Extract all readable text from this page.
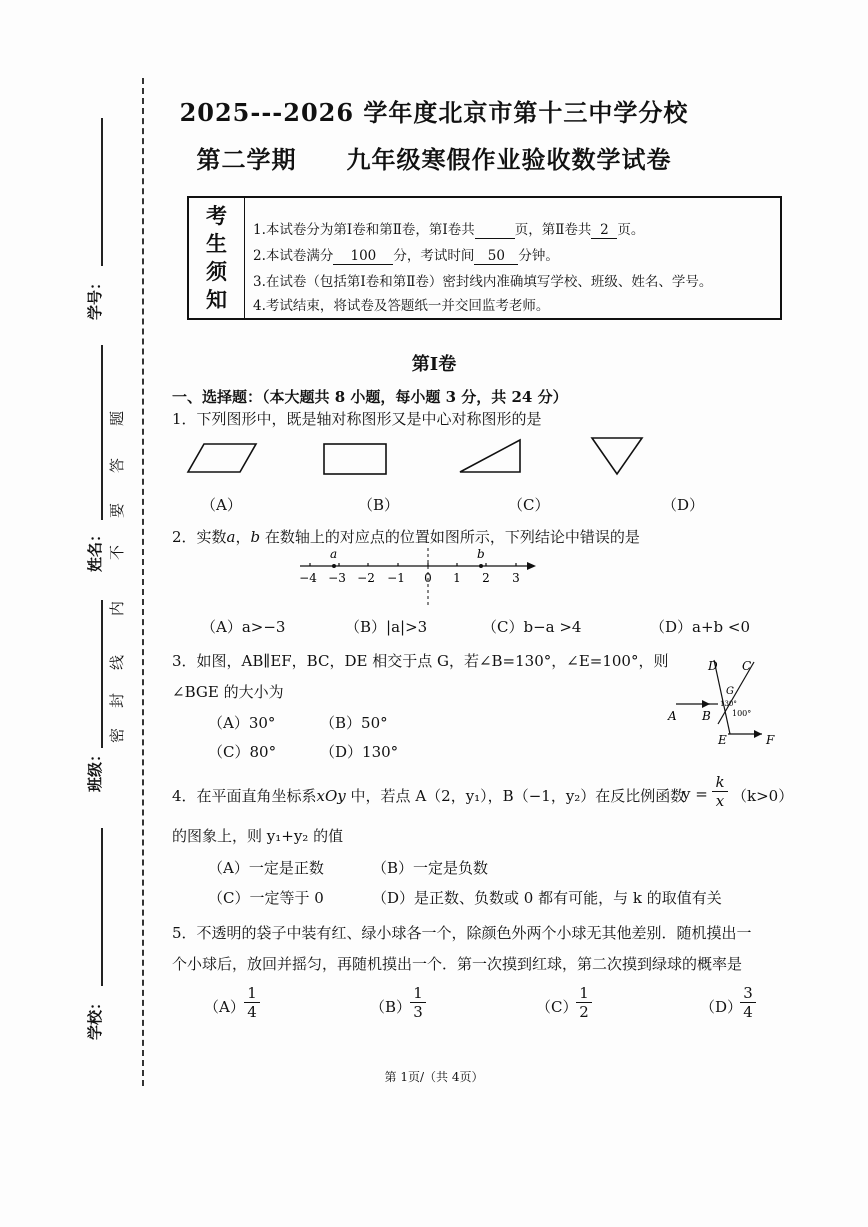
学号：
姓名：
班级：
学校：
密
封
线
内
不
要
答
题
2025---2026 学年度北京市第十三中学分校
第二学期　　九年级寒假作业验收数学试卷
考
生
须
知
1.本试卷分为第Ⅰ卷和第Ⅱ卷，第Ⅰ卷共	页，第Ⅱ卷共 2 页。
2.本试卷满分 100 分，考试时间 50 分钟。
3.在试卷（包括第Ⅰ卷和第Ⅱ卷）密封线内准确填写学校、班级、姓名、学号。
4.考试结束，将试卷及答题纸一并交回监考老师。
第Ⅰ卷
一、选择题：（本大题共 8 小题，每小题 3 分，共 24 分）
1．下列图形中，既是轴对称图形又是中心对称图形的是
（A）	（B）	（C）	（D）
2．实数a，b 在数轴上的对应点的位置如图所示，下列结论中错误的是
a	b
−4 −3 −2 −1 0 1 2 3
（A）a>−3	（B）|a|>3	（C）b−a >4	（D）a+b <0
3．如图，AB∥EF，BC，DE 相交于点 G，若∠B=130°，∠E=100°，则
∠BGE 的大小为
（A）30°	（B）50°
（C）80°	（D）130°
D C
A B
G
E	F
130°
100°
4．在平面直角坐标系xOy 中，若点 A（2，y₁），B（−1，y₂）在反比例函数
$y = \frac{k}{x} (k>0)$
的图象上，则 y₁+y₂ 的值
（A）一定是正数	（B）一定是负数
（C）一定等于 0	（D）是正数、负数或 0 都有可能，与 k 的取值有关
5．不透明的袋子中装有红、绿小球各一个，除颜色外两个小球无其他差别．随机摸出一
个小球后，放回并摇匀，再随机摸出一个．第一次摸到红球，第二次摸到绿球的概率是
$(A) \frac{1}{4}$	（B）
$\frac{1}{3}$	（C）
$\frac{1}{2}$	（D）
$\frac{3}{4}$
第 1页/（共 4页）
